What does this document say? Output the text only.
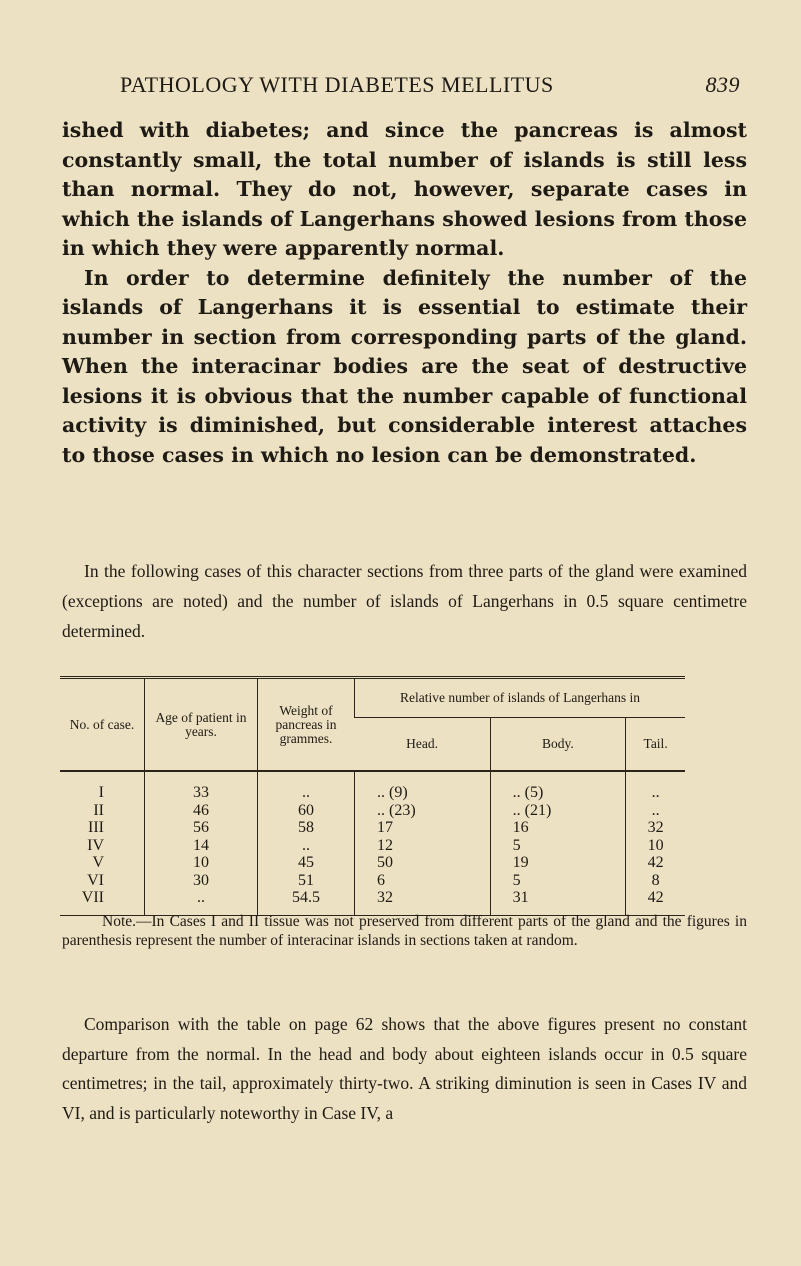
PATHOLOGY WITH DIABETES MELLITUS	839

ished with diabetes; and since the pancreas is almost constantly small, the total number of islands is still less than normal. They do not, however, separate cases in which the islands of Langerhans showed lesions from those in which they were apparently normal.

In order to determine definitely the number of the islands of Langerhans it is essential to estimate their number in section from corresponding parts of the gland. When the interacinar bodies are the seat of destructive lesions it is obvious that the number capable of functional activity is diminished, but considerable interest attaches to those cases in which no lesion can be demonstrated.

In the following cases of this character sections from three parts of the gland were examined (exceptions are noted) and the number of islands of Langerhans in 0.5 square centimetre determined.
No. of case.	Age of patient in years.	Weight of pancreas in grammes.	Relative number of islands of Langerhans in		
			Head.	Body.	Tail.
I	33	..	.. (9)	.. (5)	..
II	46	60	.. (23)	.. (21)	..
III	56	58	17	16	32
IV	14	..	12	5	10
V	10	45	50	19	42
VI	30	51	6	5	8
VII	..	54.5	32	31	42
Note.—In Cases I and II tissue was not preserved from different parts of the gland and the figures in parenthesis represent the number of interacinar islands in sections taken at random.
Comparison with the table on page 62 shows that the above figures present no constant departure from the normal. In the head and body about eighteen islands occur in 0.5 square centimetres; in the tail, approximately thirty-two. A striking diminution is seen in Cases IV and VI, and is particularly noteworthy in Case IV, a
